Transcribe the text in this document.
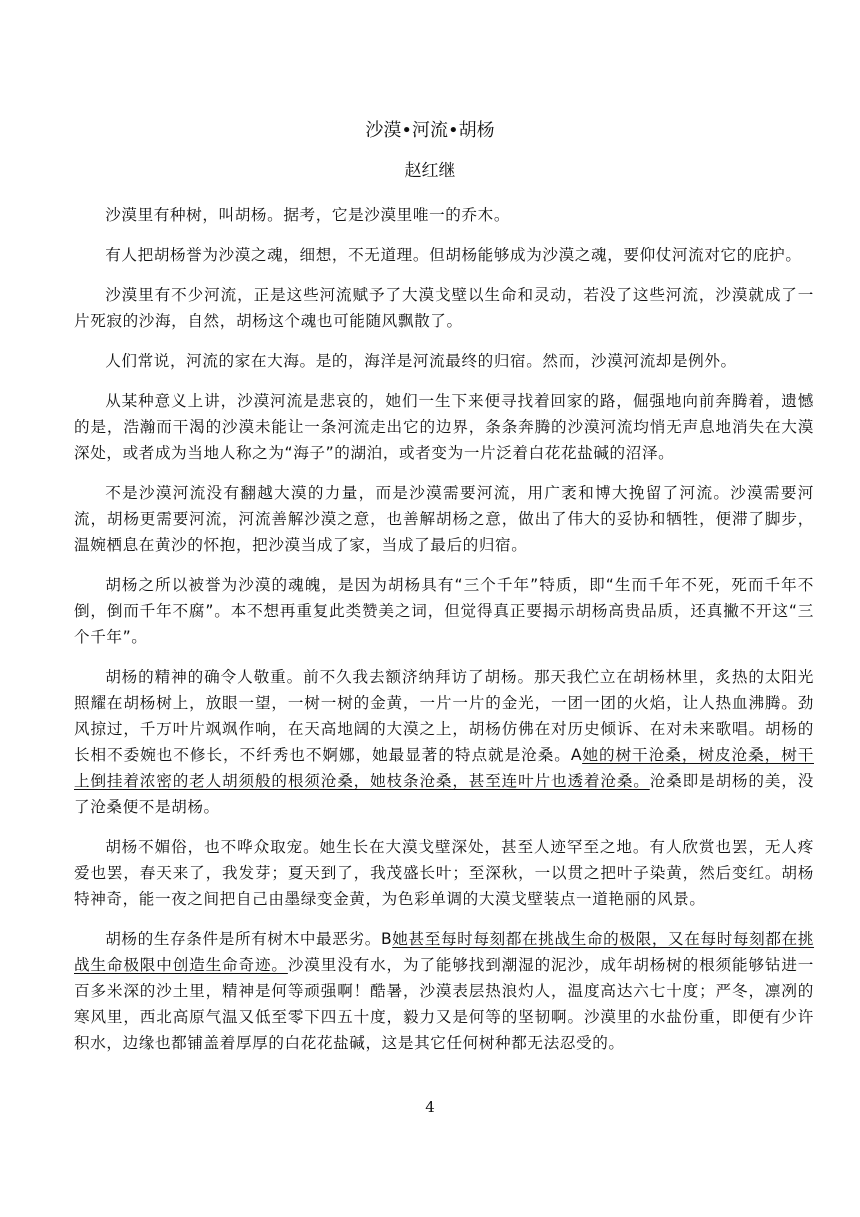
沙漠•河流•胡杨

赵红继

沙漠里有种树，叫胡杨。据考，它是沙漠里唯一的乔木。

有人把胡杨誉为沙漠之魂，细想，不无道理。但胡杨能够成为沙漠之魂，要仰仗河流对它的庇护。

沙漠里有不少河流，正是这些河流赋予了大漠戈壁以生命和灵动，若没了这些河流，沙漠就成了一片死寂的沙海，自然，胡杨这个魂也可能随风飘散了。

人们常说，河流的家在大海。是的，海洋是河流最终的归宿。然而，沙漠河流却是例外。

从某种意义上讲，沙漠河流是悲哀的，她们一生下来便寻找着回家的路，倔强地向前奔腾着，遗憾的是，浩瀚而干渴的沙漠未能让一条河流走出它的边界，条条奔腾的沙漠河流均悄无声息地消失在大漠深处，或者成为当地人称之为“海子”的湖泊，或者变为一片泛着白花花盐碱的沼泽。

不是沙漠河流没有翻越大漠的力量，而是沙漠需要河流，用广袤和博大挽留了河流。沙漠需要河流，胡杨更需要河流，河流善解沙漠之意，也善解胡杨之意，做出了伟大的妥协和牺牲，便滞了脚步，温婉栖息在黄沙的怀抱，把沙漠当成了家，当成了最后的归宿。

胡杨之所以被誉为沙漠的魂魄，是因为胡杨具有“三个千年”特质，即“生而千年不死，死而千年不倒，倒而千年不腐”。本不想再重复此类赞美之词，但觉得真正要揭示胡杨高贵品质，还真撇不开这“三个千年”。

胡杨的精神的确令人敬重。前不久我去额济纳拜访了胡杨。那天我伫立在胡杨林里，炙热的太阳光照耀在胡杨树上，放眼一望，一树一树的金黄，一片一片的金光，一团一团的火焰，让人热血沸腾。劲风掠过，千万叶片飒飒作响，在天高地阔的大漠之上，胡杨仿佛在对历史倾诉、在对未来歌唱。胡杨的长相不委婉也不修长，不纤秀也不婀娜，她最显著的特点就是沧桑。A她的树干沧桑，树皮沧桑，树干上倒挂着浓密的老人胡须般的根须沧桑，她枝条沧桑，甚至连叶片也透着沧桑。沧桑即是胡杨的美，没了沧桑便不是胡杨。

胡杨不媚俗，也不哗众取宠。她生长在大漠戈壁深处，甚至人迹罕至之地。有人欣赏也罢，无人疼爱也罢，春天来了，我发芽；夏天到了，我茂盛长叶；至深秋，一以贯之把叶子染黄，然后变红。胡杨特神奇，能一夜之间把自己由墨绿变金黄，为色彩单调的大漠戈壁装点一道艳丽的风景。

胡杨的生存条件是所有树木中最恶劣。B她甚至每时每刻都在挑战生命的极限，又在每时每刻都在挑战生命极限中创造生命奇迹。沙漠里没有水，为了能够找到潮湿的泥沙，成年胡杨树的根须能够钻进一百多米深的沙土里，精神是何等顽强啊！酷暑，沙漠表层热浪灼人，温度高达六七十度；严冬，凛冽的寒风里，西北高原气温又低至零下四五十度，毅力又是何等的坚韧啊。沙漠里的水盐份重，即便有少许积水，边缘也都铺盖着厚厚的白花花盐碱，这是其它任何树种都无法忍受的。

4
